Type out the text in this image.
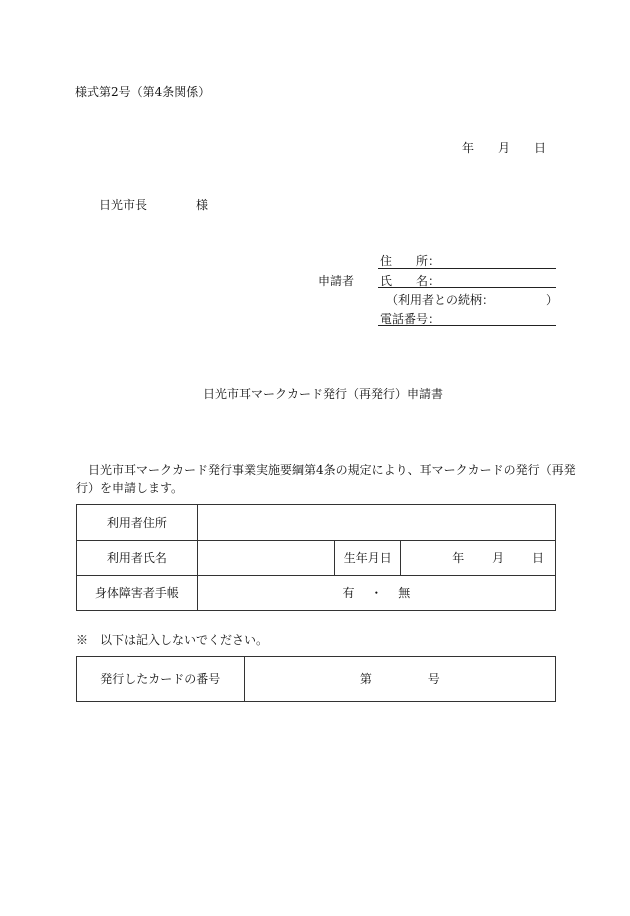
様式第2号（第4条関係）
年 月 日
日光市長	様
申請者
住　　所：
氏　　名：
（利用者との続柄：	）
電話番号：
日光市耳マークカード発行（再発行）申請書
日光市耳マークカード発行事業実施要綱第4条の規定により、耳マークカードの発行（再発
行）を申請します。
利用者住所			
利用者氏名		生年月日	年 月 日
身体障害者手帳	有 ・ 無		
※　以下は記入しないでください。
発行したカードの番号	第	号
